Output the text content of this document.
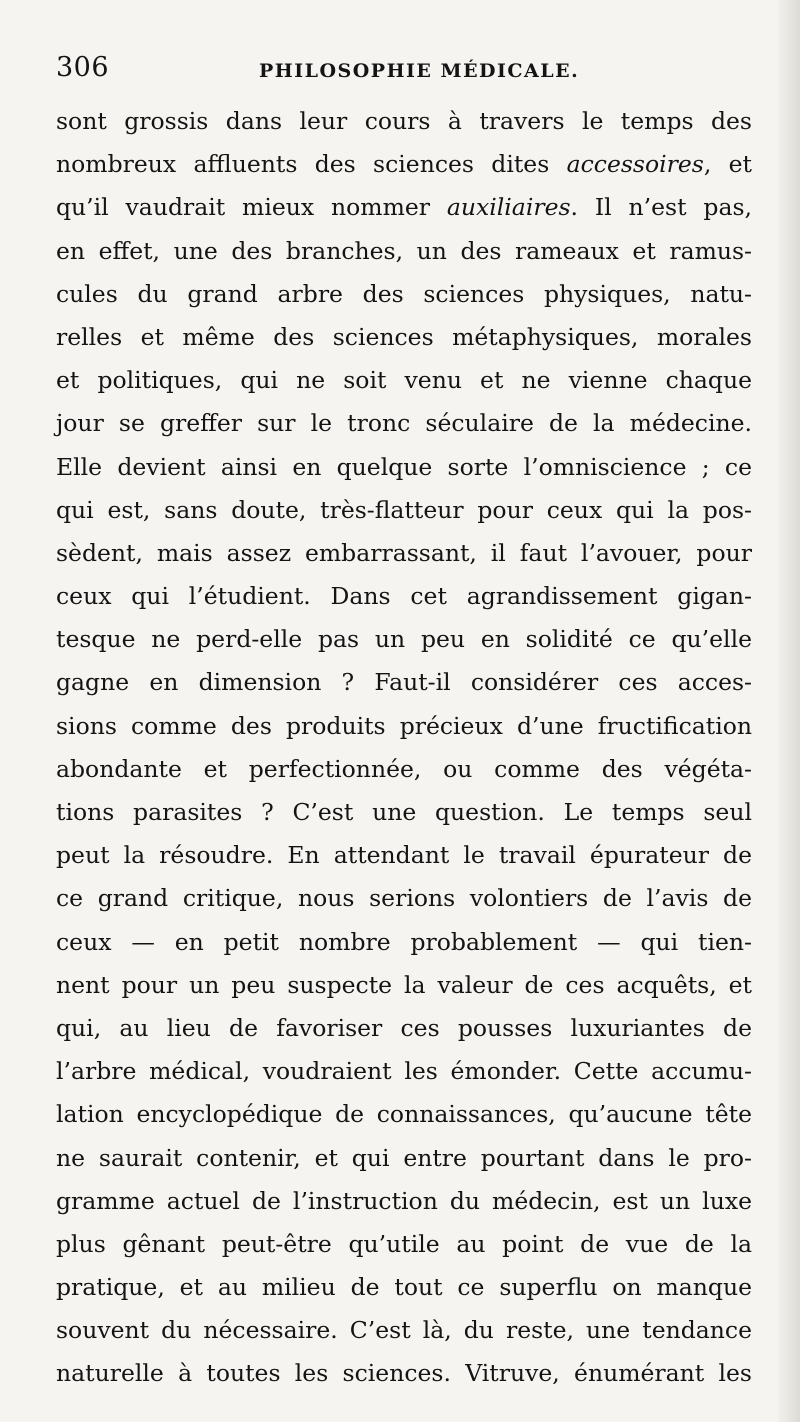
306	PHILOSOPHIE MÉDICALE.
sont grossis dans leur cours à travers le temps des
nombreux affluents des sciences dites accessoires, et
qu’il vaudrait mieux nommer auxiliaires. Il n’est pas,
en effet, une des branches, un des rameaux et ramus-
cules du grand arbre des sciences physiques, natu-
relles et même des sciences métaphysiques, morales
et politiques, qui ne soit venu et ne vienne chaque
jour se greffer sur le tronc séculaire de la médecine.
Elle devient ainsi en quelque sorte l’omniscience ; ce
qui est, sans doute, très-flatteur pour ceux qui la pos-
sèdent, mais assez embarrassant, il faut l’avouer, pour
ceux qui l’étudient. Dans cet agrandissement gigan-
tesque ne perd-elle pas un peu en solidité ce qu’elle
gagne en dimension ? Faut-il considérer ces acces-
sions comme des produits précieux d’une fructification
abondante et perfectionnée, ou comme des végéta-
tions parasites ? C’est une question. Le temps seul
peut la résoudre. En attendant le travail épurateur de
ce grand critique, nous serions volontiers de l’avis de
ceux — en petit nombre probablement — qui tien-
nent pour un peu suspecte la valeur de ces acquêts, et
qui, au lieu de favoriser ces pousses luxuriantes de
l’arbre médical, voudraient les émonder. Cette accumu-
lation encyclopédique de connaissances, qu’aucune tête
ne saurait contenir, et qui entre pourtant dans le pro-
gramme actuel de l’instruction du médecin, est un luxe
plus gênant peut-être qu’utile au point de vue de la
pratique, et au milieu de tout ce superflu on manque
souvent du nécessaire. C’est là, du reste, une tendance
naturelle à toutes les sciences. Vitruve, énumérant les
